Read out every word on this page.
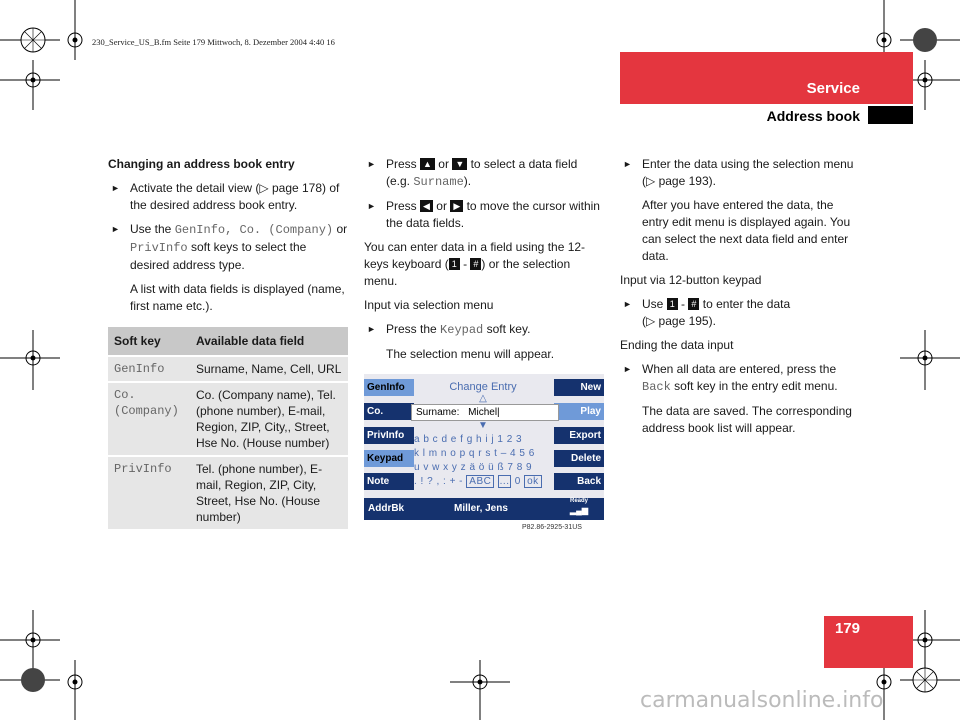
230_Service_US_B.fm Seite 179 Mittwoch, 8. Dezember 2004 4:40 16
Service
Address book

Changing an address book entry

► Activate the detail view (▷ page 178) of the desired address book entry.

► Use the GenInfo, Co. (Company) or PrivInfo soft keys to select the desired address type.

A list with data fields is displayed (name, first name etc.).

Soft key	Available data field
GenInfo	Surname, Name, Cell, URL
Co. (Company)	Co. (Company name), Tel. (phone number), E-mail, Region, ZIP, City,, Street, Hse No. (House number)
PrivInfo	Tel. (phone number), E-mail, Region, ZIP, City, Street, Hse No. (House number)

► Press ▲ or ▼ to select a data field (e.g. Surname).

► Press ◀ or ▶ to move the cursor within the data fields.

You can enter data in a field using the 12-keys keyboard ( 1 - # ) or the selection menu.

Input via selection menu

► Press the Keypad soft key.

The selection menu will appear.

GenInfo
Co.
PrivInfo
Keypad
Note
New
Play
Export
Delete
Back
Change Entry
△
Surname: Michel|
▼
a b c d e f g h i j 1 2 3
k l m n o p q r s t – 4 5 6
u v w x y z ä ö ü ß 7 8 9
. ! ? , : + - ABC ... 0 ok
AddrBk	Miller, Jens
Ready
▂▄▆
P82.86-2925-31US

► Enter the data using the selection menu (▷ page 193).

After you have entered the data, the entry edit menu is displayed again. You can select the next data field and enter data.

Input via 12-button keypad

► Use 1 - # to enter the data
(▷ page 195).

Ending the data input

► When all data are entered, press the Back soft key in the entry edit menu.

The data are saved. The corresponding address book list will appear.

179
carmanualsonline.info
